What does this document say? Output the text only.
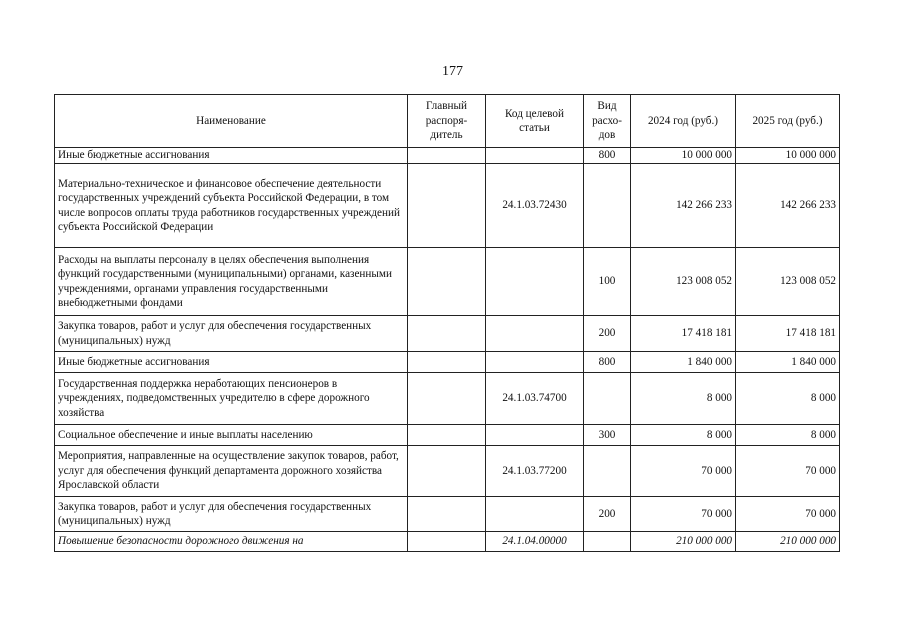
177
Наименование	Главный распоря-дитель	Код целевой статьи	Вид расхо-дов	2024 год (руб.)	2025 год (руб.)
Иные бюджетные ассигнования			800	10 000 000	10 000 000
Материально-техническое и финансовое обеспечение деятельности государственных учреждений субъекта Российской Федерации, в том числе вопросов оплаты труда работников государственных учреждений субъекта Российской Федерации		24.1.03.72430		142 266 233	142 266 233
Расходы на выплаты персоналу в целях обеспечения выполнения функций государственными (муниципальными) органами, казенными учреждениями, органами управления государственными внебюджетными фондами			100	123 008 052	123 008 052
Закупка товаров, работ и услуг для обеспечения государственных (муниципальных) нужд			200	17 418 181	17 418 181
Иные бюджетные ассигнования			800	1 840 000	1 840 000
Государственная поддержка неработающих пенсионеров в учреждениях, подведомственных учредителю в сфере дорожного хозяйства		24.1.03.74700		8 000	8 000
Социальное обеспечение и иные выплаты населению			300	8 000	8 000
Мероприятия, направленные на осуществление закупок товаров, работ, услуг для обеспечения функций департамента дорожного хозяйства Ярославской области		24.1.03.77200		70 000	70 000
Закупка товаров, работ и услуг для обеспечения государственных (муниципальных) нужд			200	70 000	70 000
Повышение безопасности дорожного движения на		24.1.04.00000		210 000 000	210 000 000
